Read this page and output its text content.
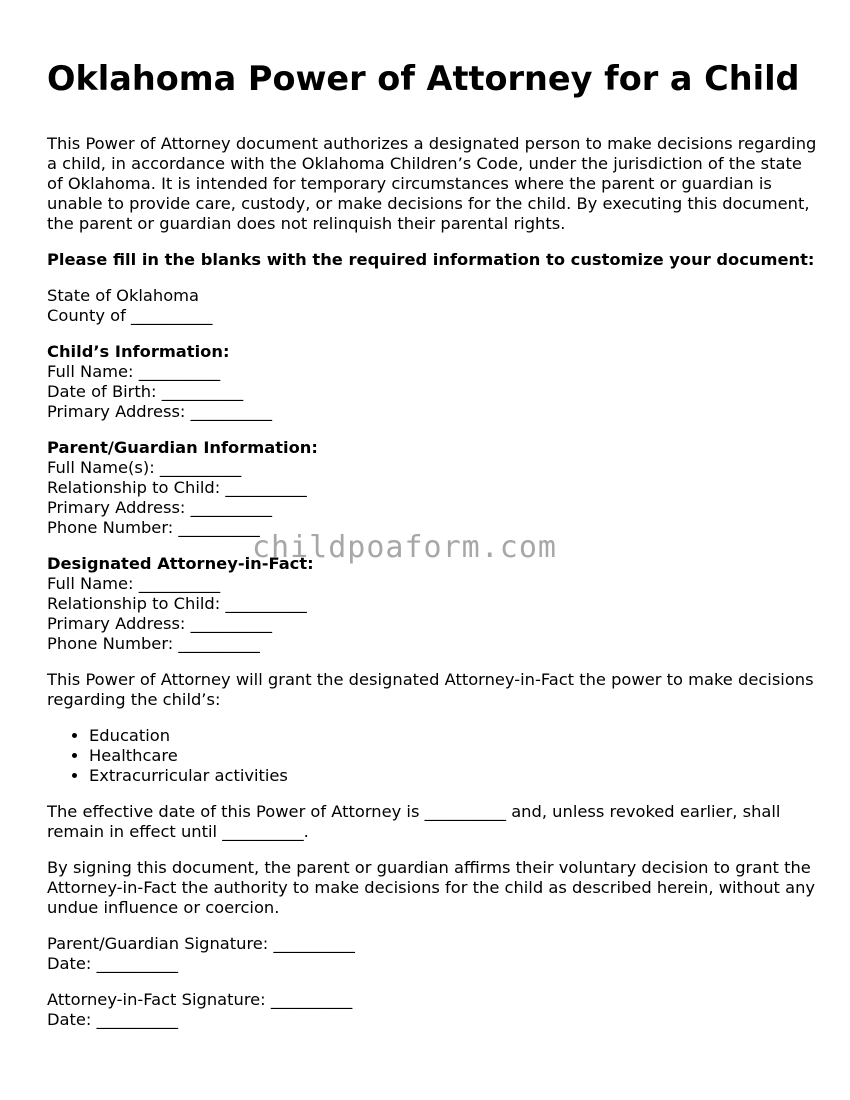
Oklahoma Power of Attorney for a Child

This Power of Attorney document authorizes a designated person to make decisions regarding a child, in accordance with the Oklahoma Children’s Code, under the jurisdiction of the state of Oklahoma. It is intended for temporary circumstances where the parent or guardian is unable to provide care, custody, or make decisions for the child. By executing this document, the parent or guardian does not relinquish their parental rights.

Please fill in the blanks with the required information to customize your document:

State of Oklahoma
County of __________
Child’s Information:
Full Name: __________
Date of Birth: __________
Primary Address: __________
Parent/Guardian Information:
Full Name(s): __________
Relationship to Child: __________
Primary Address: __________
Phone Number: __________
Designated Attorney-in-Fact:
Full Name: __________
Relationship to Child: __________
Primary Address: __________
Phone Number: __________

This Power of Attorney will grant the designated Attorney-in-Fact the power to make decisions regarding the child’s:

• Education
• Healthcare
• Extracurricular activities

The effective date of this Power of Attorney is __________ and, unless revoked earlier, shall remain in effect until __________.

By signing this document, the parent or guardian affirms their voluntary decision to grant the Attorney-in-Fact the authority to make decisions for the child as described herein, without any undue influence or coercion.

Parent/Guardian Signature: __________
Date: __________
Attorney-in-Fact Signature: __________
Date: __________
childpoaform.com
